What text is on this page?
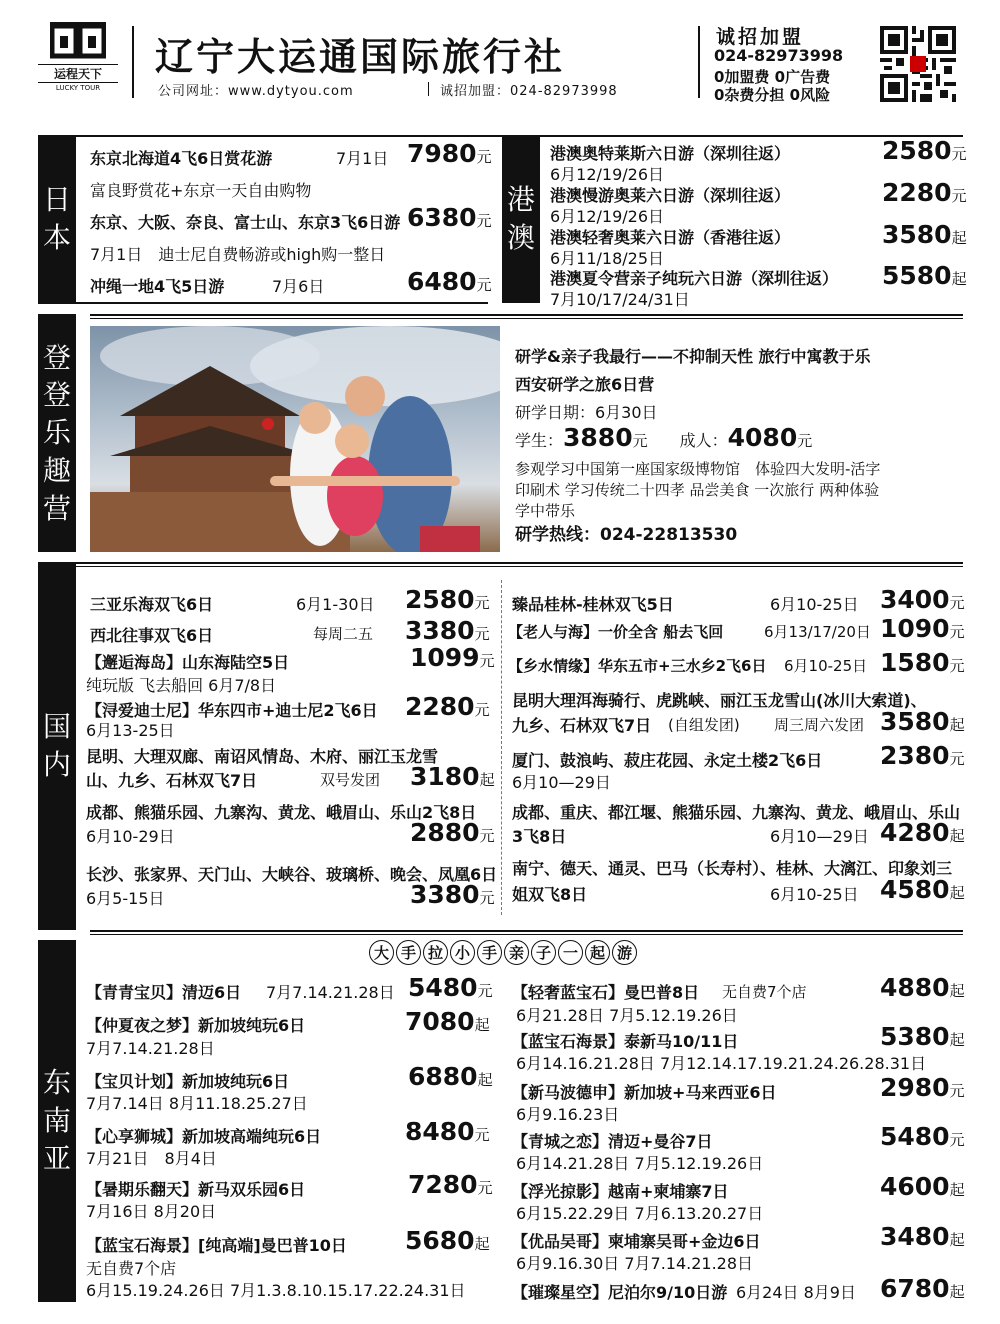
运程天下
LUCKY TOUR
辽宁大运通国际旅行社
公司网址：www.dytyou.com	诚招加盟：024-82973998
诚招加盟
024-82973998
0加盟费 0广告费
0杂费分担 0风险
日
本
港
澳
东京北海道4飞6日赏花游	7月1日 7980元
富良野赏花+东京一天自由购物
东京、大阪、奈良、富士山、东京3飞6日游 6380元
7月1日　迪士尼自费畅游或high购一整日
冲绳一地4飞5日游	7月6日	6480元
港澳奥特莱斯六日游（深圳往返）
6月12/19/26日
2580元
港澳慢游奥莱六日游（深圳往返）
6月12/19/26日
2280元
港澳轻奢奥莱六日游（香港往返）
6月11/18/25日
3580起
港澳夏令营亲子纯玩六日游（深圳往返）
7月10/17/24/31日
5580起
登
登
乐
趣
营
研学&亲子我最行——不抑制天性 旅行中寓教于乐
西安研学之旅6日营
研学日期：6月30日
学生： 3880 元 成人： 4080 元
参观学习中国第一座国家级博物馆　体验四大发明-活字
印刷术 学习传统二十四孝 品尝美食 一次旅行 两种体验
学中带乐
研学热线：024-22813530
国
内
三亚乐海双飞6日	6月1-30日 2580元
西北往事双飞6日	每周二五 3380元
【邂逅海岛】山东海陆空5日	1099元
纯玩版 飞去船回 6月7/8日
【浔爱迪士尼】华东四市+迪士尼2飞6日 2280元
6月13-25日
昆明、大理双廊、南诏风情岛、木府、丽江玉龙雪
山、九乡、石林双飞7日	双号发团 3180起
成都、熊猫乐园、九寨沟、黄龙、峨眉山、乐山2飞8日
6月10-29日	2880元
长沙、张家界、天门山、大峡谷、玻璃桥、晚会、凤凰6日
6月5-15日	3380元
臻品桂林-桂林双飞5日	6月10-25日 3400元
【老人与海】一价全含 船去飞回	6月13/17/20日 1090元
【乡水情缘】华东五市+三水乡2飞6日 6月10-25日 1580元
昆明大理洱海骑行、虎跳峡、丽江玉龙雪山(冰川大索道)、
九乡、石林双飞7日 (自组发团) 周三周六发团 3580起
厦门、鼓浪屿、菽庄花园、永定土楼2飞6日
6月10—29日
2380元
成都、重庆、都江堰、熊猫乐园、九寨沟、黄龙、峨眉山、乐山
3飞8日	6月10—29日 4280起
南宁、德天、通灵、巴马（长寿村）、桂林、大漓江、印象刘三
姐双飞8日	6月10-25日 4580起
东
南
亚
大 手 拉 小 手 亲 子 一 起 游
【青青宝贝】清迈6日 7月7.14.21.28日 5480元
【仲夏夜之梦】新加坡纯玩6日
7月7.14.21.28日
7080起
【宝贝计划】新加坡纯玩6日
7月7.14日 8月11.18.25.27日
6880起
【心享狮城】新加坡高端纯玩6日
7月21日　8月4日
8480元
【暑期乐翻天】新马双乐园6日
7月16日 8月20日
7280元
【蓝宝石海景】[纯高端]曼巴普10日
无自费7个店
6月15.19.24.26日 7月1.3.8.10.15.17.22.24.31日
5680起
【轻奢蓝宝石】曼巴普8日 无自费7个店
6月21.28日 7月5.12.19.26日
4880起
【蓝宝石海景】泰新马10/11日
6月14.16.21.28日 7月12.14.17.19.21.24.26.28.31日
5380起
【新马波德申】新加坡+马来西亚6日
6月9.16.23日
2980元
【青城之恋】清迈+曼谷7日
6月14.21.28日 7月5.12.19.26日
5480元
【浮光掠影】越南+柬埔寨7日
6月15.22.29日 7月6.13.20.27日
4600起
【优品吴哥】柬埔寨吴哥+金边6日
6月9.16.30日 7月7.14.21.28日
3480起
【璀璨星空】尼泊尔9/10日游 6月24日 8月9日 6780起
